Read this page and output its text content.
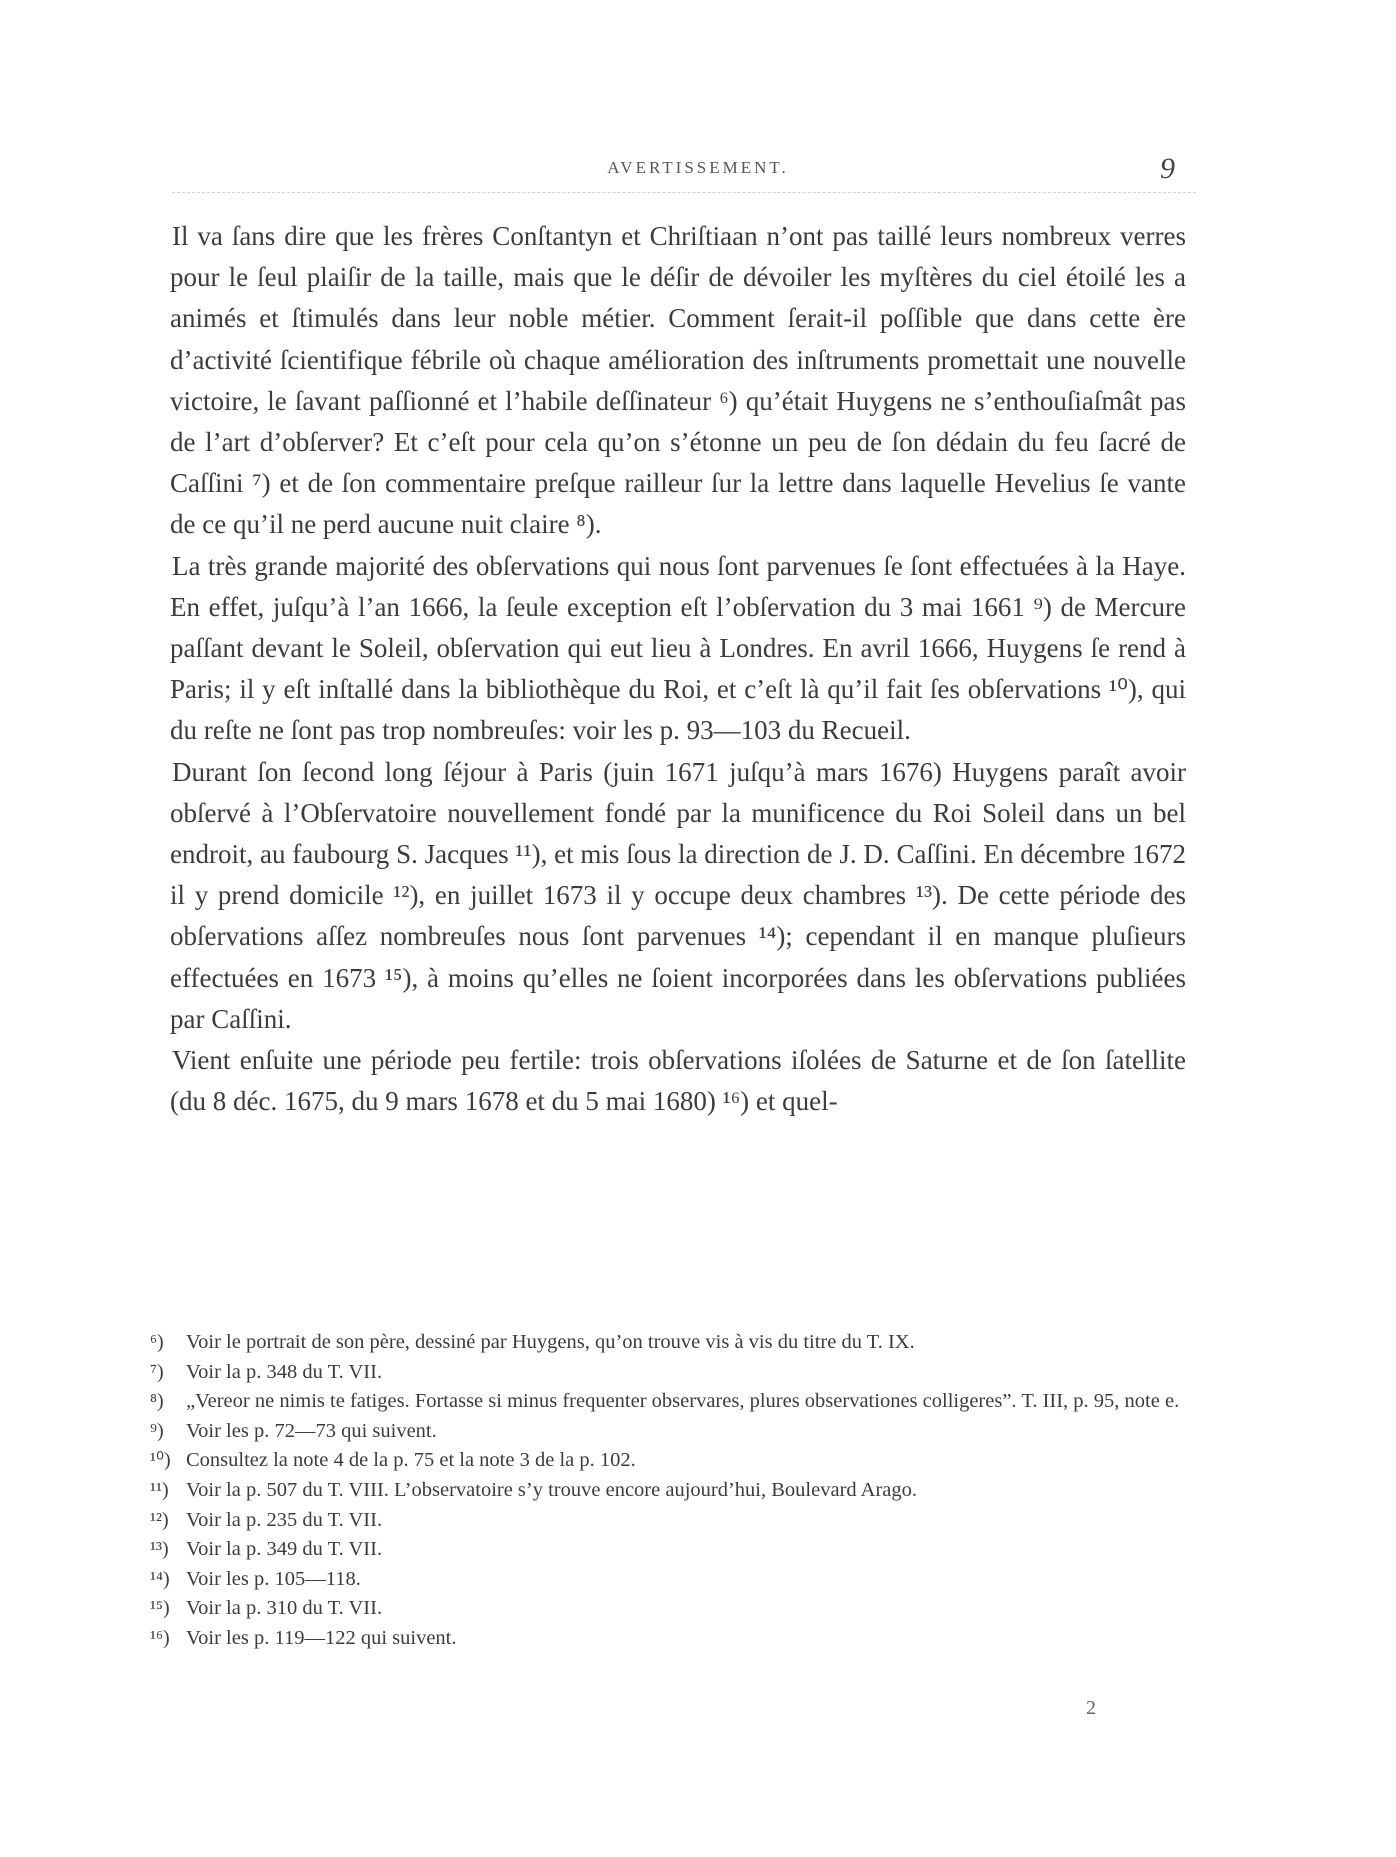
AVERTISSEMENT.	9

Il va ſans dire que les frères Conſtantyn et Chriſtiaan n’ont pas taillé leurs nombreux verres pour le ſeul plaiſir de la taille, mais que le déſir de dévoiler les myſtères du ciel étoilé les a animés et ſtimulés dans leur noble métier. Comment ſerait-il poſſible que dans cette ère d’activité ſcientifique fébrile où chaque amélioration des inſtruments promettait une nouvelle victoire, le ſavant paſſionné et l’habile deſſinateur ⁶) qu’était Huygens ne s’enthouſiaſmât pas de l’art d’obſerver? Et c’eſt pour cela qu’on s’étonne un peu de ſon dédain du feu ſacré de Caſſini ⁷) et de ſon commentaire preſque railleur ſur la lettre dans laquelle Hevelius ſe vante de ce qu’il ne perd aucune nuit claire ⁸).

La très grande majorité des obſervations qui nous ſont parvenues ſe ſont effectuées à la Haye. En effet, juſqu’à l’an 1666, la ſeule exception eſt l’obſervation du 3 mai 1661 ⁹) de Mercure paſſant devant le Soleil, obſervation qui eut lieu à Londres. En avril 1666, Huygens ſe rend à Paris; il y eſt inſtallé dans la bibliothèque du Roi, et c’eſt là qu’il fait ſes obſervations ¹⁰), qui du reſte ne ſont pas trop nombreuſes: voir les p. 93—103 du Recueil.

Durant ſon ſecond long ſéjour à Paris (juin 1671 juſqu’à mars 1676) Huygens paraît avoir obſervé à l’Obſervatoire nouvellement fondé par la munificence du Roi Soleil dans un bel endroit, au faubourg S. Jacques ¹¹), et mis ſous la direction de J. D. Caſſini. En décembre 1672 il y prend domicile ¹²), en juillet 1673 il y occupe deux chambres ¹³). De cette période des obſervations aſſez nombreuſes nous ſont parvenues ¹⁴); cependant il en manque pluſieurs effectuées en 1673 ¹⁵), à moins qu’elles ne ſoient incorporées dans les obſervations publiées par Caſſini.

Vient enſuite une période peu fertile: trois obſervations iſolées de Saturne et de ſon ſatellite (du 8 déc. 1675, du 9 mars 1678 et du 5 mai 1680) ¹⁶) et quel-

⁶)	Voir le portrait de son père, dessiné par Huygens, qu’on trouve vis à vis du titre du T. IX.
⁷)	Voir la p. 348 du T. VII.
⁸)	„Vereor ne nimis te fatiges. Fortasse si minus frequenter observares, plures observationes colligeres”. T. III, p. 95, note e.
⁹)	Voir les p. 72—73 qui suivent.
¹⁰) Consultez la note 4 de la p. 75 et la note 3 de la p. 102.
¹¹) Voir la p. 507 du T. VIII. L’observatoire s’y trouve encore aujourd’hui, Boulevard Arago.
¹²) Voir la p. 235 du T. VII.
¹³) Voir la p. 349 du T. VII.
¹⁴) Voir les p. 105—118.
¹⁵) Voir la p. 310 du T. VII.
¹⁶) Voir les p. 119—122 qui suivent.
2
